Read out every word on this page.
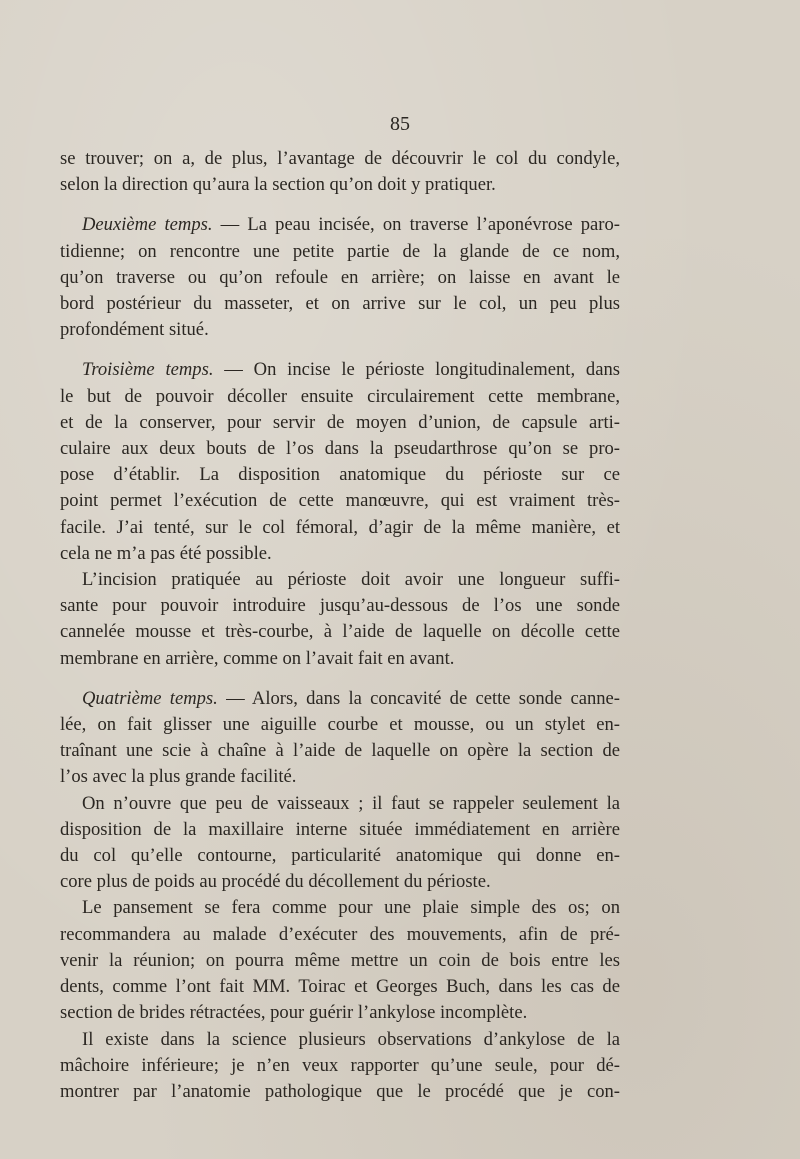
85
se trouver; on a, de plus, l’avantage de découvrir le col du condyle,
selon la direction qu’aura la section qu’on doit y pratiquer.
Deuxième temps. — La peau incisée, on traverse l’aponévrose paro-
tidienne; on rencontre une petite partie de la glande de ce nom,
qu’on traverse ou qu’on refoule en arrière; on laisse en avant le
bord postérieur du masseter, et on arrive sur le col, un peu plus
profondément situé.
Troisième temps. — On incise le périoste longitudinalement, dans
le but de pouvoir décoller ensuite circulairement cette membrane,
et de la conserver, pour servir de moyen d’union, de capsule arti-
culaire aux deux bouts de l’os dans la pseudarthrose qu’on se pro-
pose d’établir. La disposition anatomique du périoste sur ce
point permet l’exécution de cette manœuvre, qui est vraiment très-
facile. J’ai tenté, sur le col fémoral, d’agir de la même manière, et
cela ne m’a pas été possible.
L’incision pratiquée au périoste doit avoir une longueur suffi-
sante pour pouvoir introduire jusqu’au-dessous de l’os une sonde
cannelée mousse et très-courbe, à l’aide de laquelle on décolle cette
membrane en arrière, comme on l’avait fait en avant.
Quatrième temps. — Alors, dans la concavité de cette sonde canne-
lée, on fait glisser une aiguille courbe et mousse, ou un stylet en-
traînant une scie à chaîne à l’aide de laquelle on opère la section de
l’os avec la plus grande facilité.
On n’ouvre que peu de vaisseaux ; il faut se rappeler seulement la
disposition de la maxillaire interne située immédiatement en arrière
du col qu’elle contourne, particularité anatomique qui donne en-
core plus de poids au procédé du décollement du périoste.
Le pansement se fera comme pour une plaie simple des os; on
recommandera au malade d’exécuter des mouvements, afin de pré-
venir la réunion; on pourra même mettre un coin de bois entre les
dents, comme l’ont fait MM. Toirac et Georges Buch, dans les cas de
section de brides rétractées, pour guérir l’ankylose incomplète.
Il existe dans la science plusieurs observations d’ankylose de la
mâchoire inférieure; je n’en veux rapporter qu’une seule, pour dé-
montrer par l’anatomie pathologique que le procédé que je con-
